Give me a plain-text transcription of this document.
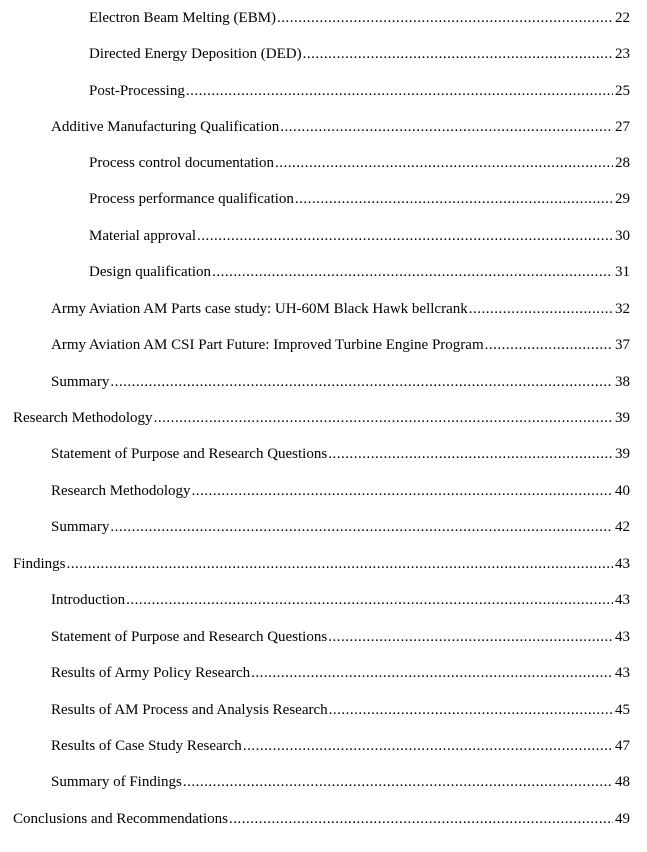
Electron Beam Melting (EBM) .....	22
Directed Energy Deposition (DED) .....	23
Post-Processing .....	25
Additive Manufacturing Qualification .....	27
Process control documentation .....	28
Process performance qualification .....	29
Material approval .....	30
Design qualification .....	31
Army Aviation AM Parts case study: UH-60M Black Hawk bellcrank .....	32
Army Aviation AM CSI Part Future: Improved Turbine Engine Program .....	37
Summary .....	38
Research Methodology .....	39
Statement of Purpose and Research Questions .....	39
Research Methodology .....	40
Summary .....	42
Findings .....	43
Introduction .....	43
Statement of Purpose and Research Questions .....	43
Results of Army Policy Research .....	43
Results of AM Process and Analysis Research .....	45
Results of Case Study Research .....	47
Summary of Findings .....	48
Conclusions and Recommendations .....	49
